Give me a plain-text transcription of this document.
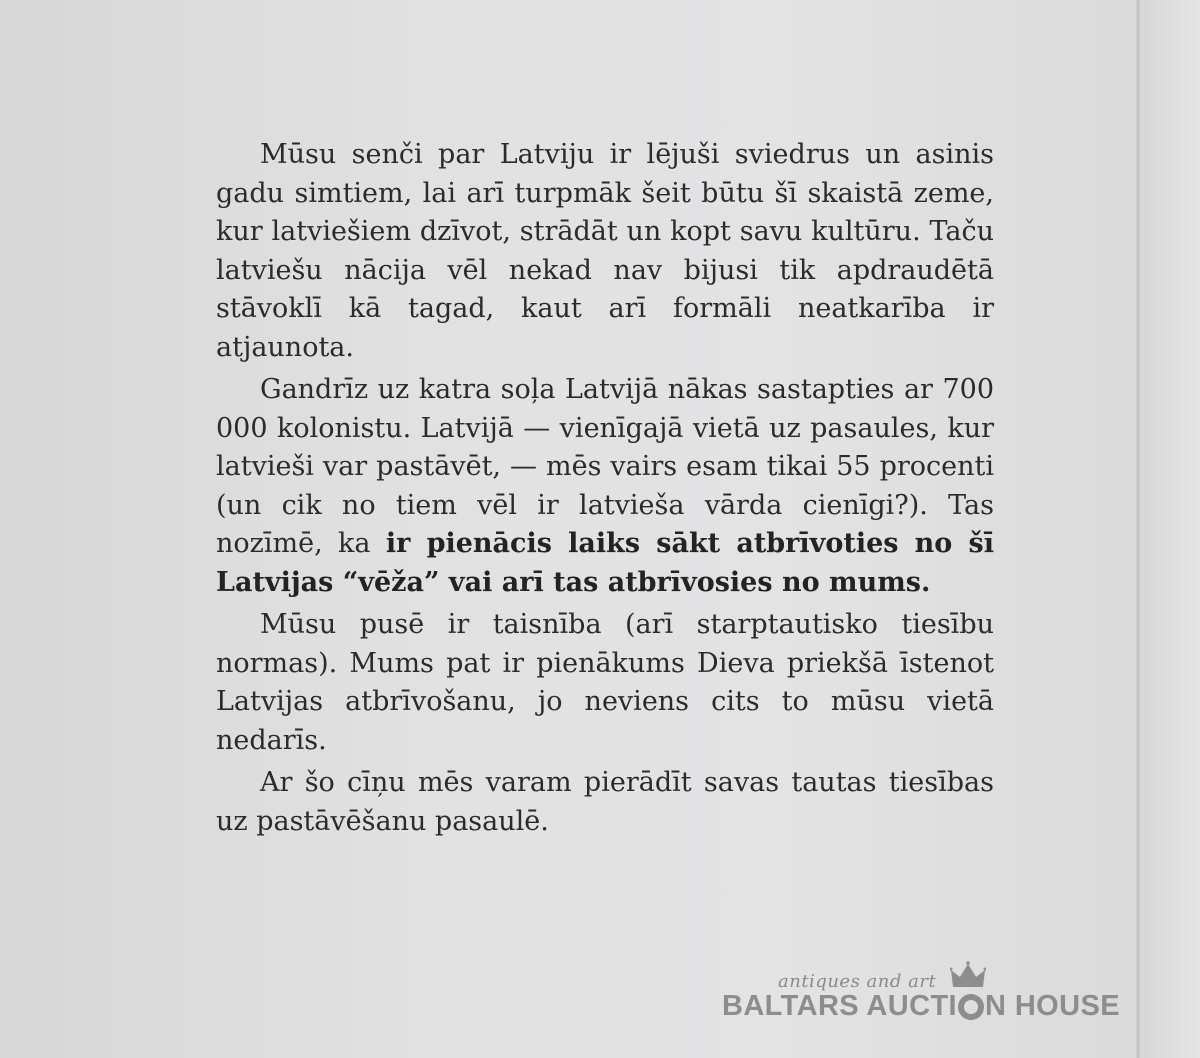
Mūsu senči par Latviju ir lējuši sviedrus un asinis gadu simtiem, lai arī turpmāk šeit būtu šī skaistā zeme, kur latviešiem dzīvot, strādāt un kopt savu kultūru. Taču latviešu nācija vēl nekad nav bijusi tik apdraudētā stāvoklī kā tagad, kaut arī formāli neatkarība ir atjaunota.

Gandrīz uz katra soļa Latvijā nākas sastapties ar 700 000 kolonistu. Latvijā — vienīgajā vietā uz pasaules, kur latvieši var pastāvēt, — mēs vairs esam tikai 55 procenti (un cik no tiem vēl ir latvieša vārda cienīgi?). Tas nozīmē, ka ir pienācis laiks sākt atbrīvoties no šī Latvijas “vēža” vai arī tas atbrīvosies no mums.

Mūsu pusē ir taisnība (arī starptautisko tiesību normas). Mums pat ir pienākums Dieva priekšā īstenot Latvijas atbrīvošanu, jo neviens cits to mūsu vietā nedarīs.

Ar šo cīņu mēs varam pierādīt savas tautas tiesības uz pastāvēšanu pasaulē.

antiques and art
BALTARS AUCTI N HOUSE
